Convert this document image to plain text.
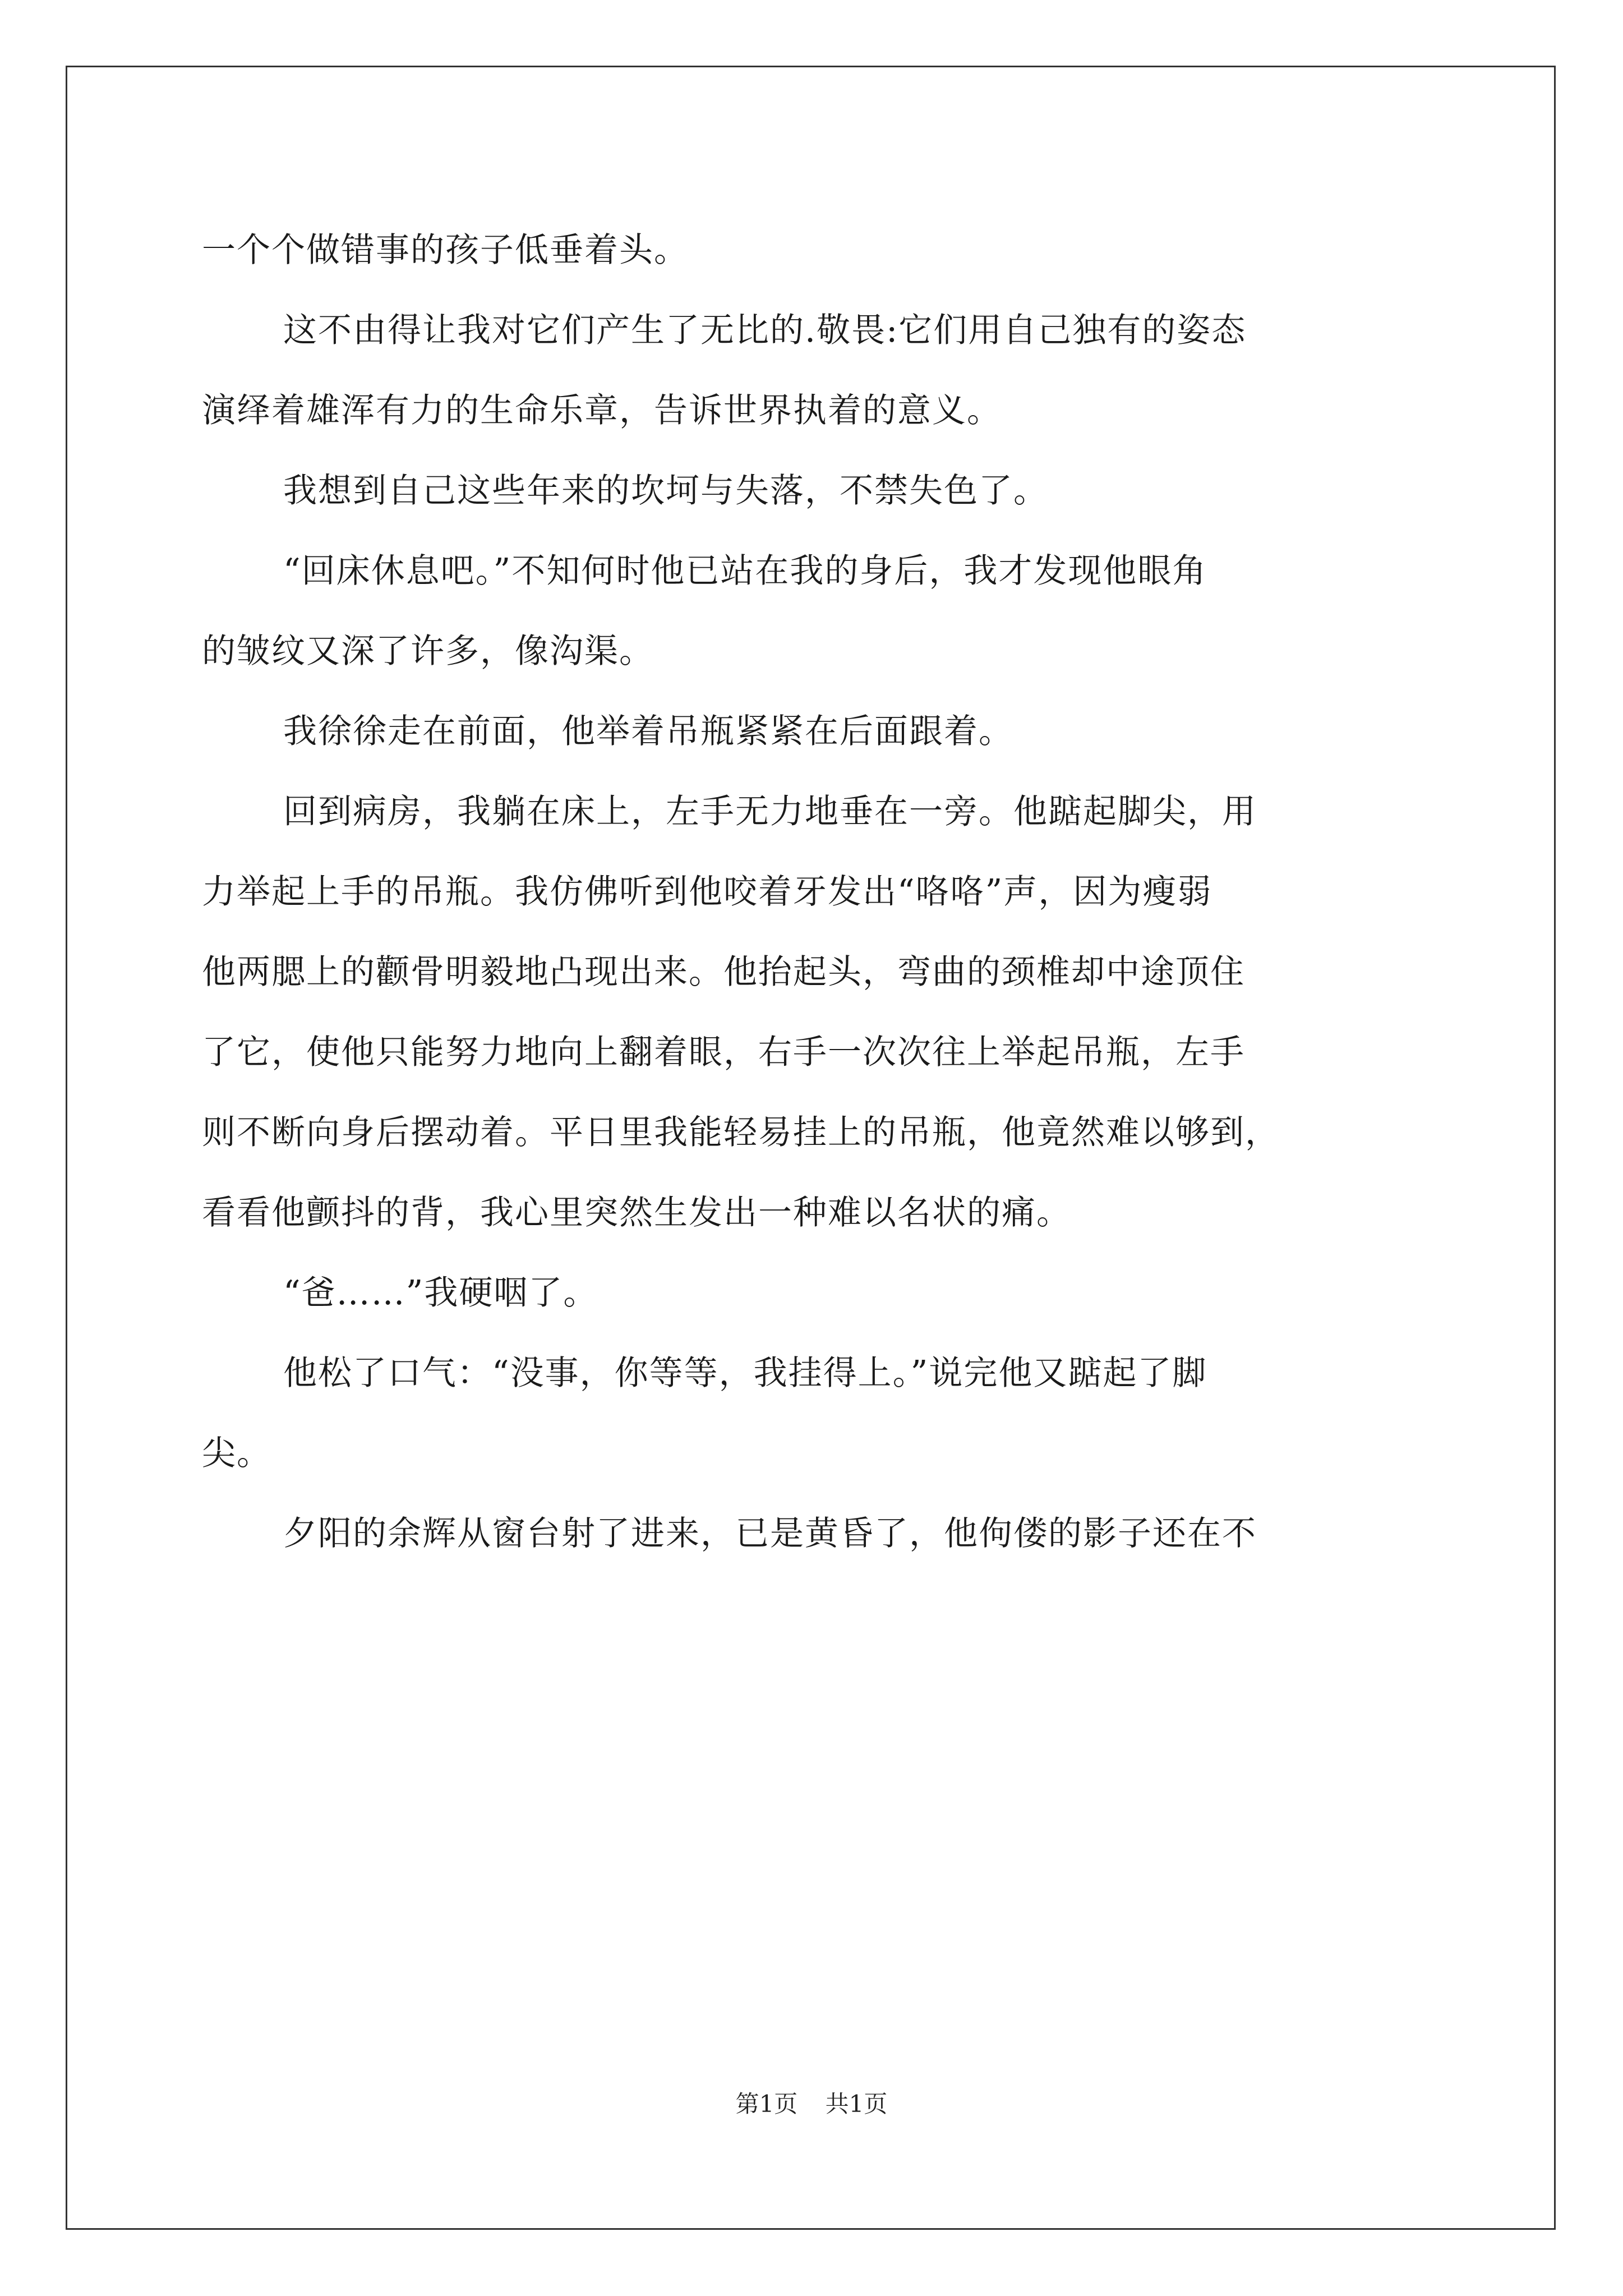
一个个做错事的孩子低垂着头。
这不由得让我对它们产生了无比的.敬畏:它们用自己独有的姿态
演绎着雄浑有力的生命乐章，告诉世界执着的意义。
我想到自己这些年来的坎坷与失落，不禁失色了。
“回床休息吧。”不知何时他已站在我的身后，我才发现他眼角
的皱纹又深了许多，像沟渠。
我徐徐走在前面，他举着吊瓶紧紧在后面跟着。
回到病房，我躺在床上，左手无力地垂在一旁。他踮起脚尖，用
力举起上手的吊瓶。我仿佛听到他咬着牙发出“咯咯”声，因为瘦弱
他两腮上的颧骨明毅地凸现出来。他抬起头，弯曲的颈椎却中途顶住
了它，使他只能努力地向上翻着眼，右手一次次往上举起吊瓶，左手
则不断向身后摆动着。平日里我能轻易挂上的吊瓶，他竟然难以够到，
看看他颤抖的背，我心里突然生发出一种难以名状的痛。
“爸……”我硬咽了。
他松了口气：“没事，你等等，我挂得上。”说完他又踮起了脚
尖。
夕阳的余辉从窗台射了进来，已是黄昏了，他佝偻的影子还在不
第1页 共1页
